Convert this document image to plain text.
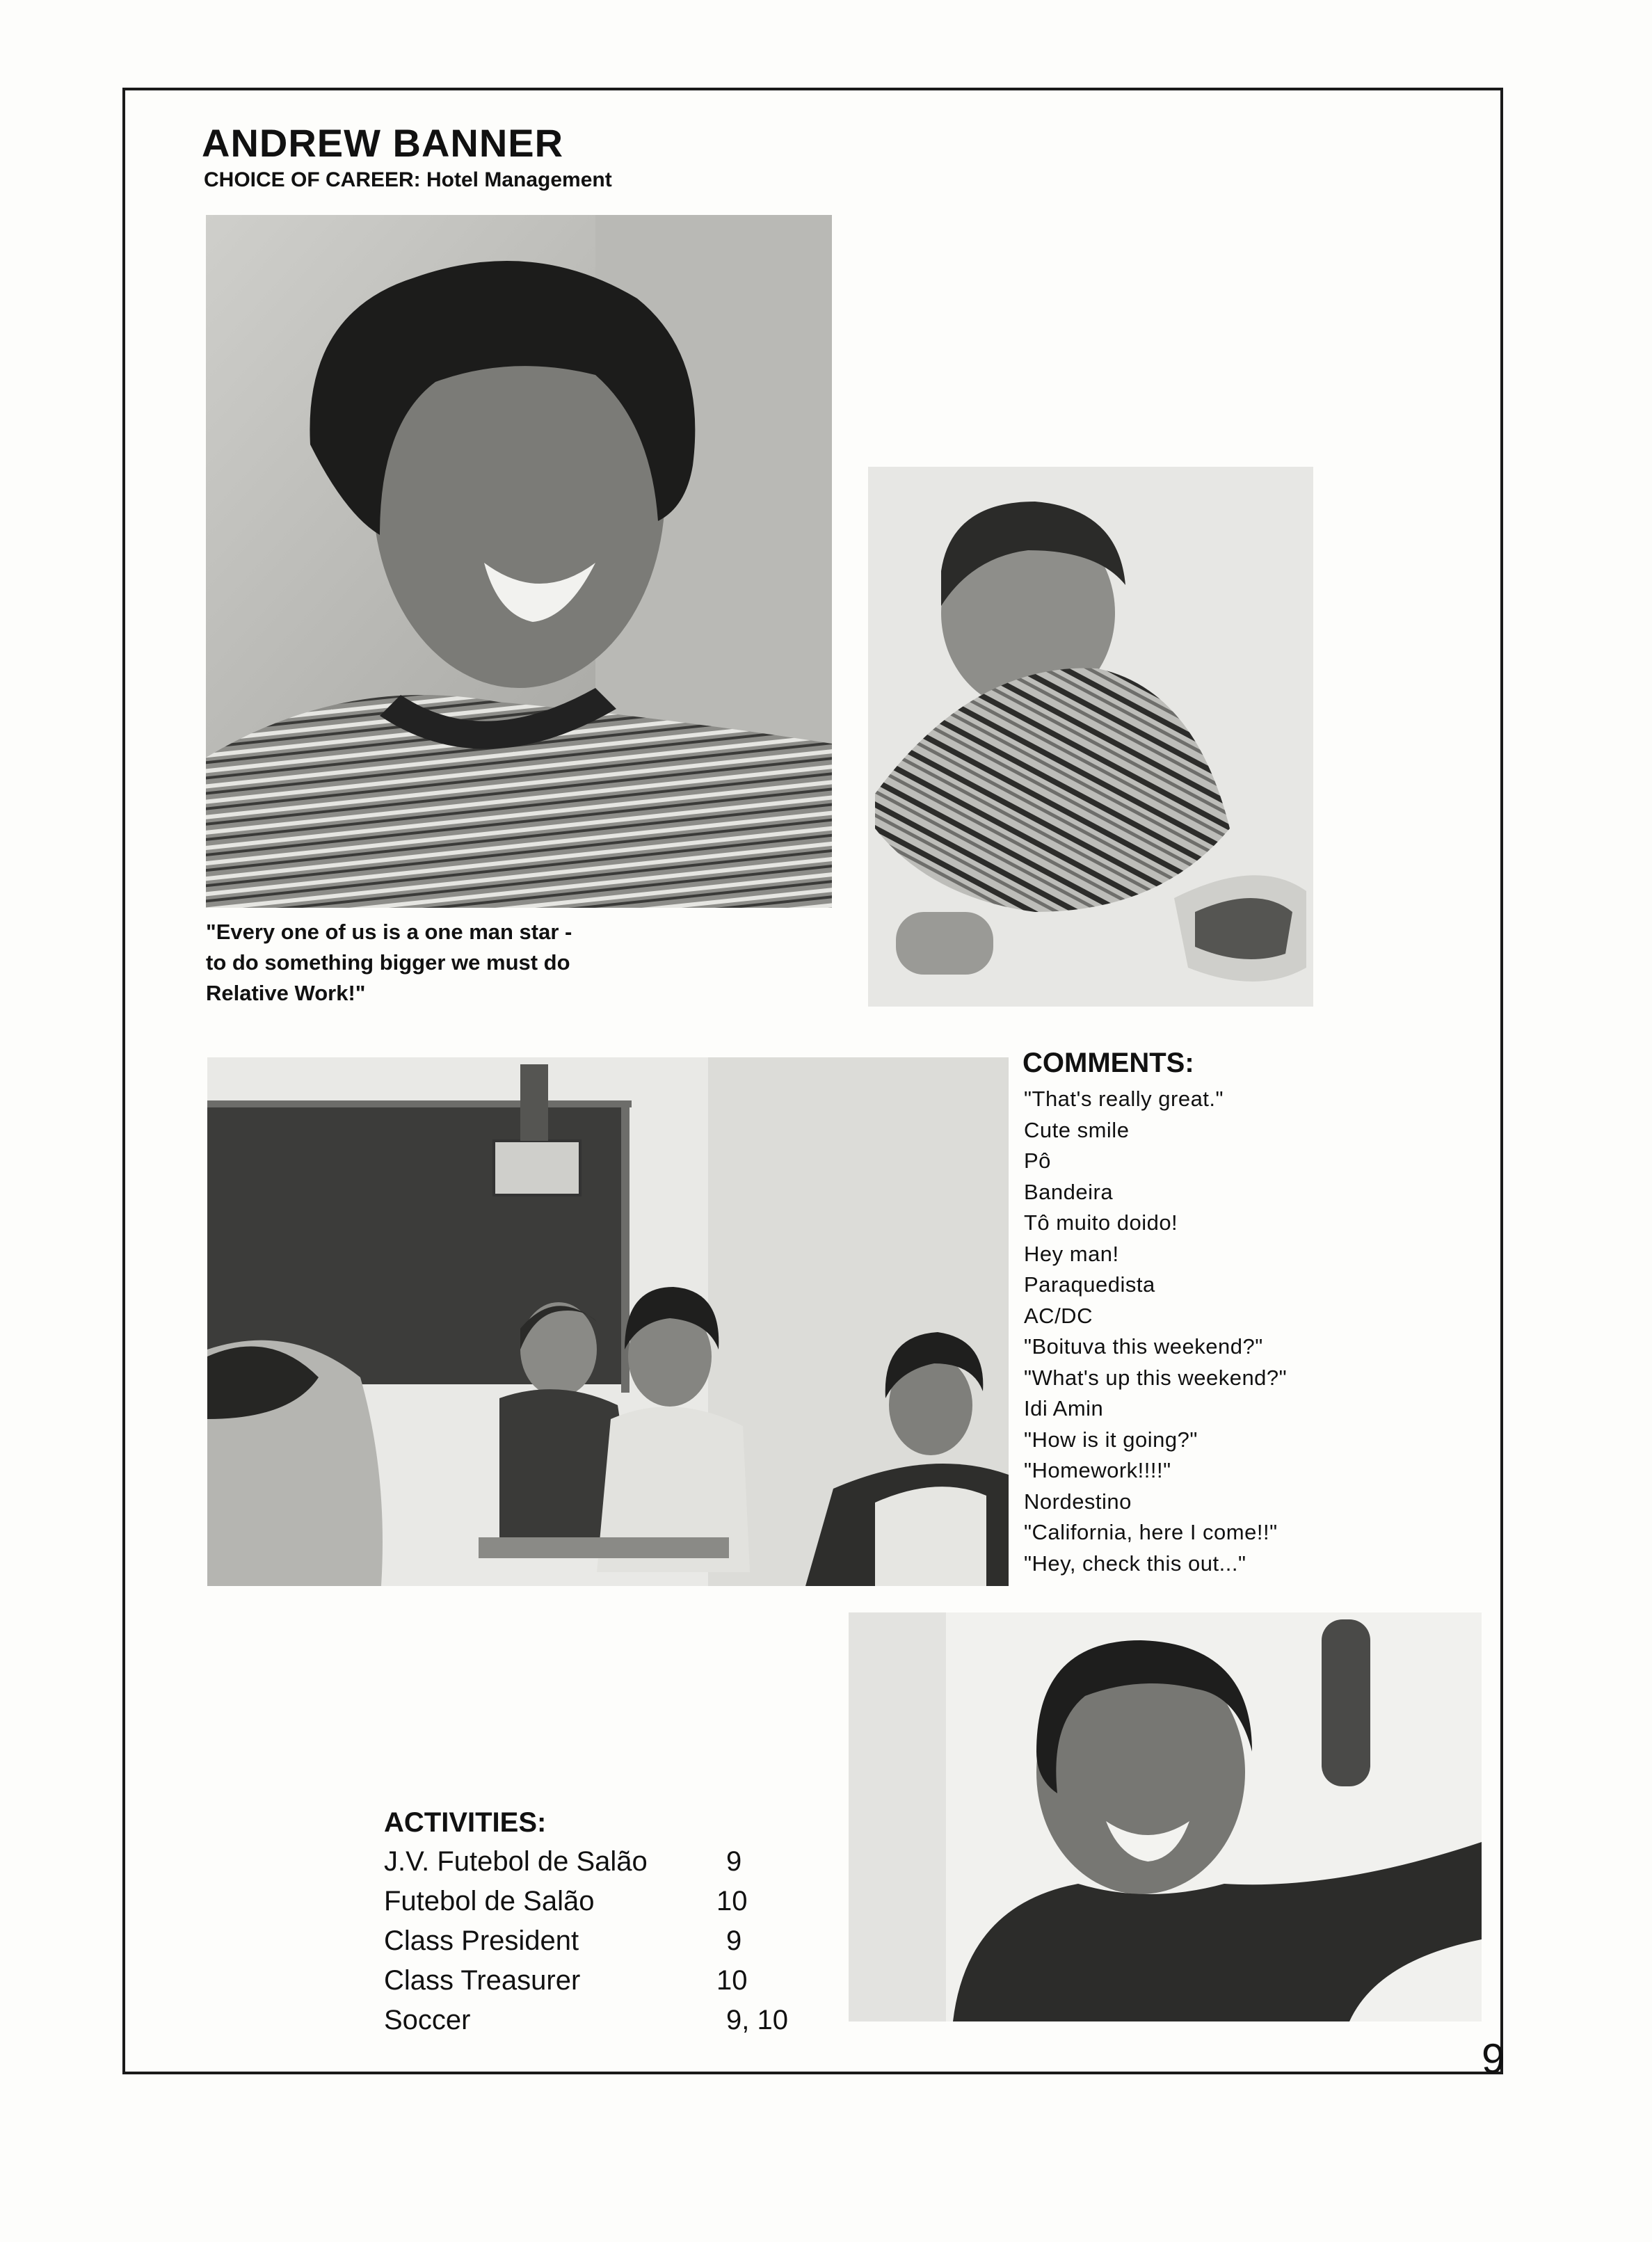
ANDREW BANNER
CHOICE OF CAREER: Hotel Management
"Every one of us is a one man star -
to do something bigger we must do
Relative Work!"
COMMENTS:
"That's really great."
Cute smile
Pô
Bandeira
Tô muito doido!
Hey man!
Paraquedista
AC/DC
"Boituva this weekend?"
"What's up this weekend?"
Idi Amin
"How is it going?"
"Homework!!!!"
Nordestino
"California, here I come!!"
"Hey, check this out..."
ACTIVITIES:
J.V. Futebol de Salão	9
Futebol de Salão	10
Class President	9
Class Treasurer	10
Soccer	9, 10
9
